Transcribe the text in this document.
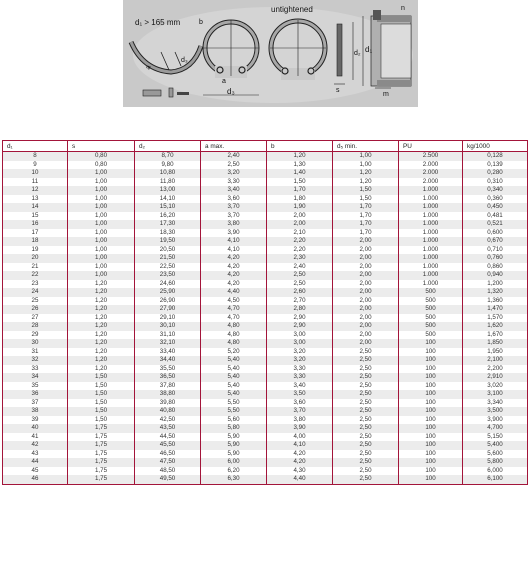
d₁ > 165 mm
a
d₃
d₃
b
a
untightened
s
d₁
d₂
n
m
d₁	s	d₂	a max.	b	d₅ min.	PU	kg/1000
8	0,80	8,70	2,40	1,20	1,00	2.500	0,128
9	0,80	9,80	2,50	1,30	1,00	2.000	0,139
10	1,00	10,80	3,20	1,40	1,20	2.000	0,280
11	1,00	11,80	3,30	1,50	1,20	2.000	0,310
12	1,00	13,00	3,40	1,70	1,50	1.000	0,340
13	1,00	14,10	3,60	1,80	1,50	1.000	0,360
14	1,00	15,10	3,70	1,90	1,70	1.000	0,450
15	1,00	16,20	3,70	2,00	1,70	1.000	0,481
16	1,00	17,30	3,80	2,00	1,70	1.000	0,521
17	1,00	18,30	3,90	2,10	1,70	1.000	0,600
18	1,00	19,50	4,10	2,20	2,00	1.000	0,670
19	1,00	20,50	4,10	2,20	2,00	1.000	0,710
20	1,00	21,50	4,20	2,30	2,00	1.000	0,760
21	1,00	22,50	4,20	2,40	2,00	1.000	0,860
22	1,00	23,50	4,20	2,50	2,00	1.000	0,940
23	1,20	24,60	4,20	2,50	2,00	1.000	1,200
24	1,20	25,90	4,40	2,60	2,00	500	1,320
25	1,20	26,90	4,50	2,70	2,00	500	1,360
26	1,20	27,90	4,70	2,80	2,00	500	1,470
27	1,20	29,10	4,70	2,90	2,00	500	1,570
28	1,20	30,10	4,80	2,90	2,00	500	1,620
29	1,20	31,10	4,80	3,00	2,00	500	1,670
30	1,20	32,10	4,80	3,00	2,00	100	1,850
31	1,20	33,40	5,20	3,20	2,50	100	1,950
32	1,20	34,40	5,40	3,20	2,50	100	2,100
33	1,20	35,50	5,40	3,30	2,50	100	2,200
34	1,50	36,50	5,40	3,30	2,50	100	2,910
35	1,50	37,80	5,40	3,40	2,50	100	3,020
36	1,50	38,80	5,40	3,50	2,50	100	3,100
37	1,50	39,80	5,50	3,60	2,50	100	3,340
38	1,50	40,80	5,50	3,70	2,50	100	3,500
39	1,50	42,50	5,60	3,80	2,50	100	3,900
40	1,75	43,50	5,80	3,90	2,50	100	4,700
41	1,75	44,50	5,90	4,00	2,50	100	5,150
42	1,75	45,50	5,90	4,10	2,50	100	5,400
43	1,75	46,50	5,90	4,20	2,50	100	5,600
44	1,75	47,50	6,00	4,20	2,50	100	5,800
45	1,75	48,50	6,20	4,30	2,50	100	6,000
46	1,75	49,50	6,30	4,40	2,50	100	6,100
